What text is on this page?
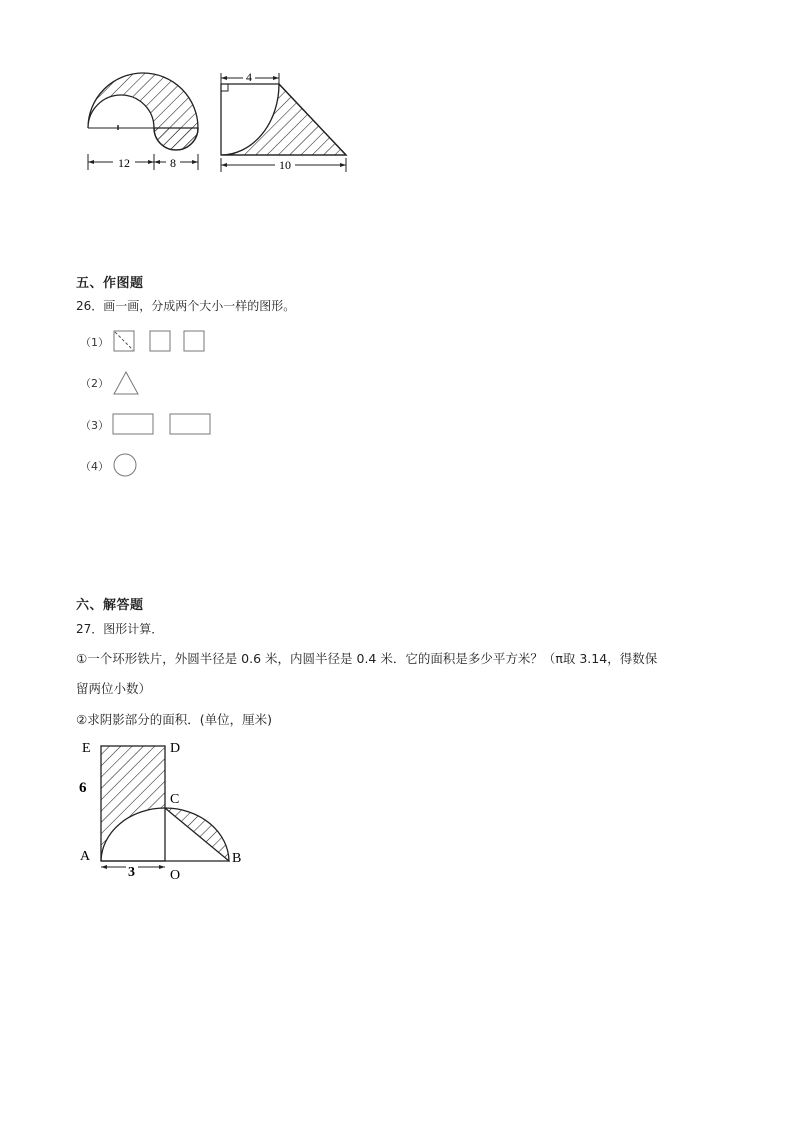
12	8
4
10
五、作图题
26．画一画，分成两个大小一样的图形。
（1）
（2）
（3）
（4）
六、解答题
27．图形计算．
①一个环形铁片，外圆半径是 0.6 米，内圆半径是 0.4 米．它的面积是多少平方米？（π取 3.14，得数保
留两位小数）
②求阴影部分的面积．(单位，厘米)
E	D
6
C
A	B
3	O
